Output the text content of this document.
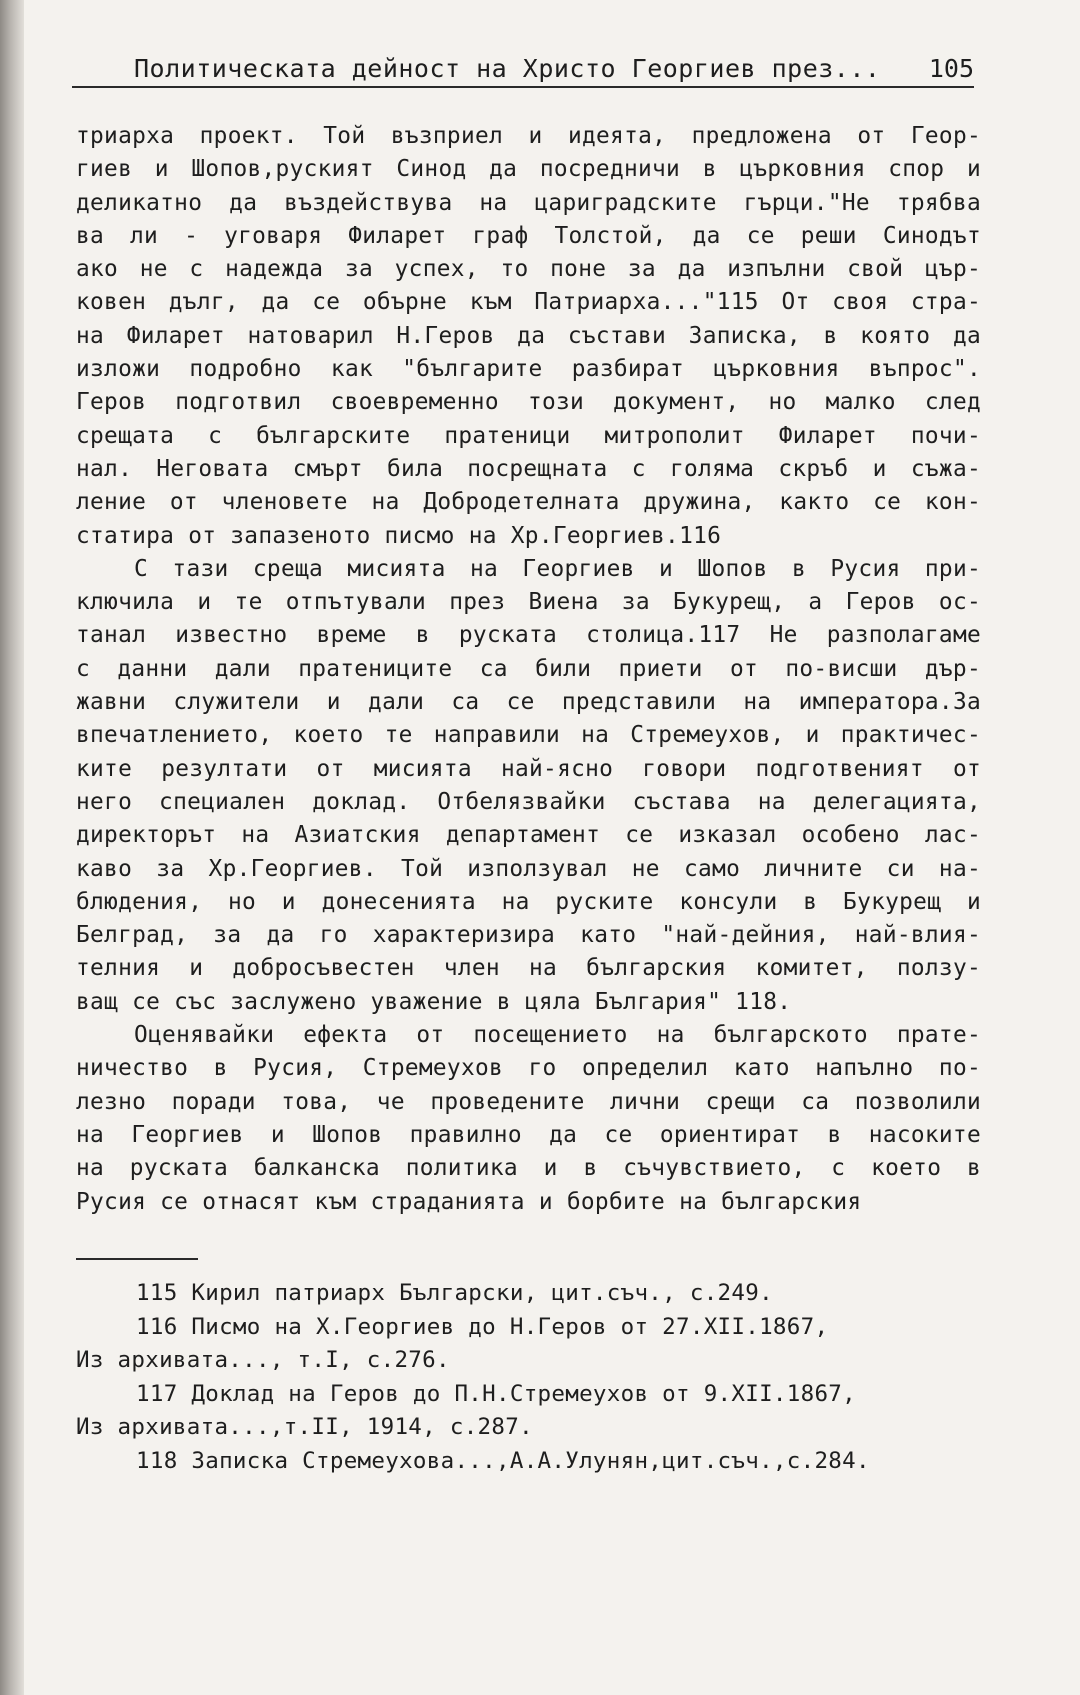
Политическата дейност на Христо Георгиев през... 105
триарха проект. Той възприел и идеята, предложена от Геор-
гиев и Шопов,руският Синод да посредничи в църковния спор и
деликатно да въздействува на цариградските гърци."Не трябва
ва ли - уговаря Филарет граф Толстой, да се реши Синодът
ако не с надежда за успех, то поне за да изпълни свой цър-
ковен дълг, да се обърне към Патриарха..."115 От своя стра-
на Филарет натоварил Н.Геров да състави Записка, в която да
изложи подробно как "българите разбират църковния въпрос".
Геров подготвил своевременно този документ, но малко след
срещата с българските пратеници митрополит Филарет почи-
нал. Неговата смърт била посрещната с голяма скръб и съжа-
ление от членовете на Добродетелната дружина, както се кон-
статира от запазеното писмо на Хр.Георгиев.116
С тази среща мисията на Георгиев и Шопов в Русия при-
ключила и те отпътували през Виена за Букурещ, а Геров ос-
танал известно време в руската столица.117 Не разполагаме
с данни дали пратениците са били приети от по-висши дър-
жавни служители и дали са се представили на императора.За
впечатлението, което те направили на Стремеухов, и практичес-
ките резултати от мисията най-ясно говори подготвеният от
него специален доклад. Отбелязвайки състава на делегацията,
директорът на Азиатския департамент се изказал особено лас-
каво за Хр.Георгиев. Той използувал не само личните си на-
блюдения, но и донесенията на руските консули в Букурещ и
Белград, за да го характеризира като "най-дейния, най-влия-
телния и добросъвестен член на българския комитет, ползу-
ващ се със заслужено уважение в цяла България" 118.
Оценявайки ефекта от посещението на българското прате-
ничество в Русия, Стремеухов го определил като напълно по-
лезно поради това, че проведените лични срещи са позволили
на Георгиев и Шопов правилно да се ориентират в насоките
на руската балканска политика и в съчувствието, с което в
Русия се отнасят към страданията и борбите на българския
115 Кирил патриарх Български, цит.съч., с.249.
116 Писмо на Х.Георгиев до Н.Геров от 27.XII.1867,
Из архивата..., т.I, с.276.
117 Доклад на Геров до П.Н.Стремеухов от 9.XII.1867,
Из архивата...,т.II, 1914, с.287.
118 Записка Стремеухова...,А.А.Улунян,цит.съч.,с.284.
